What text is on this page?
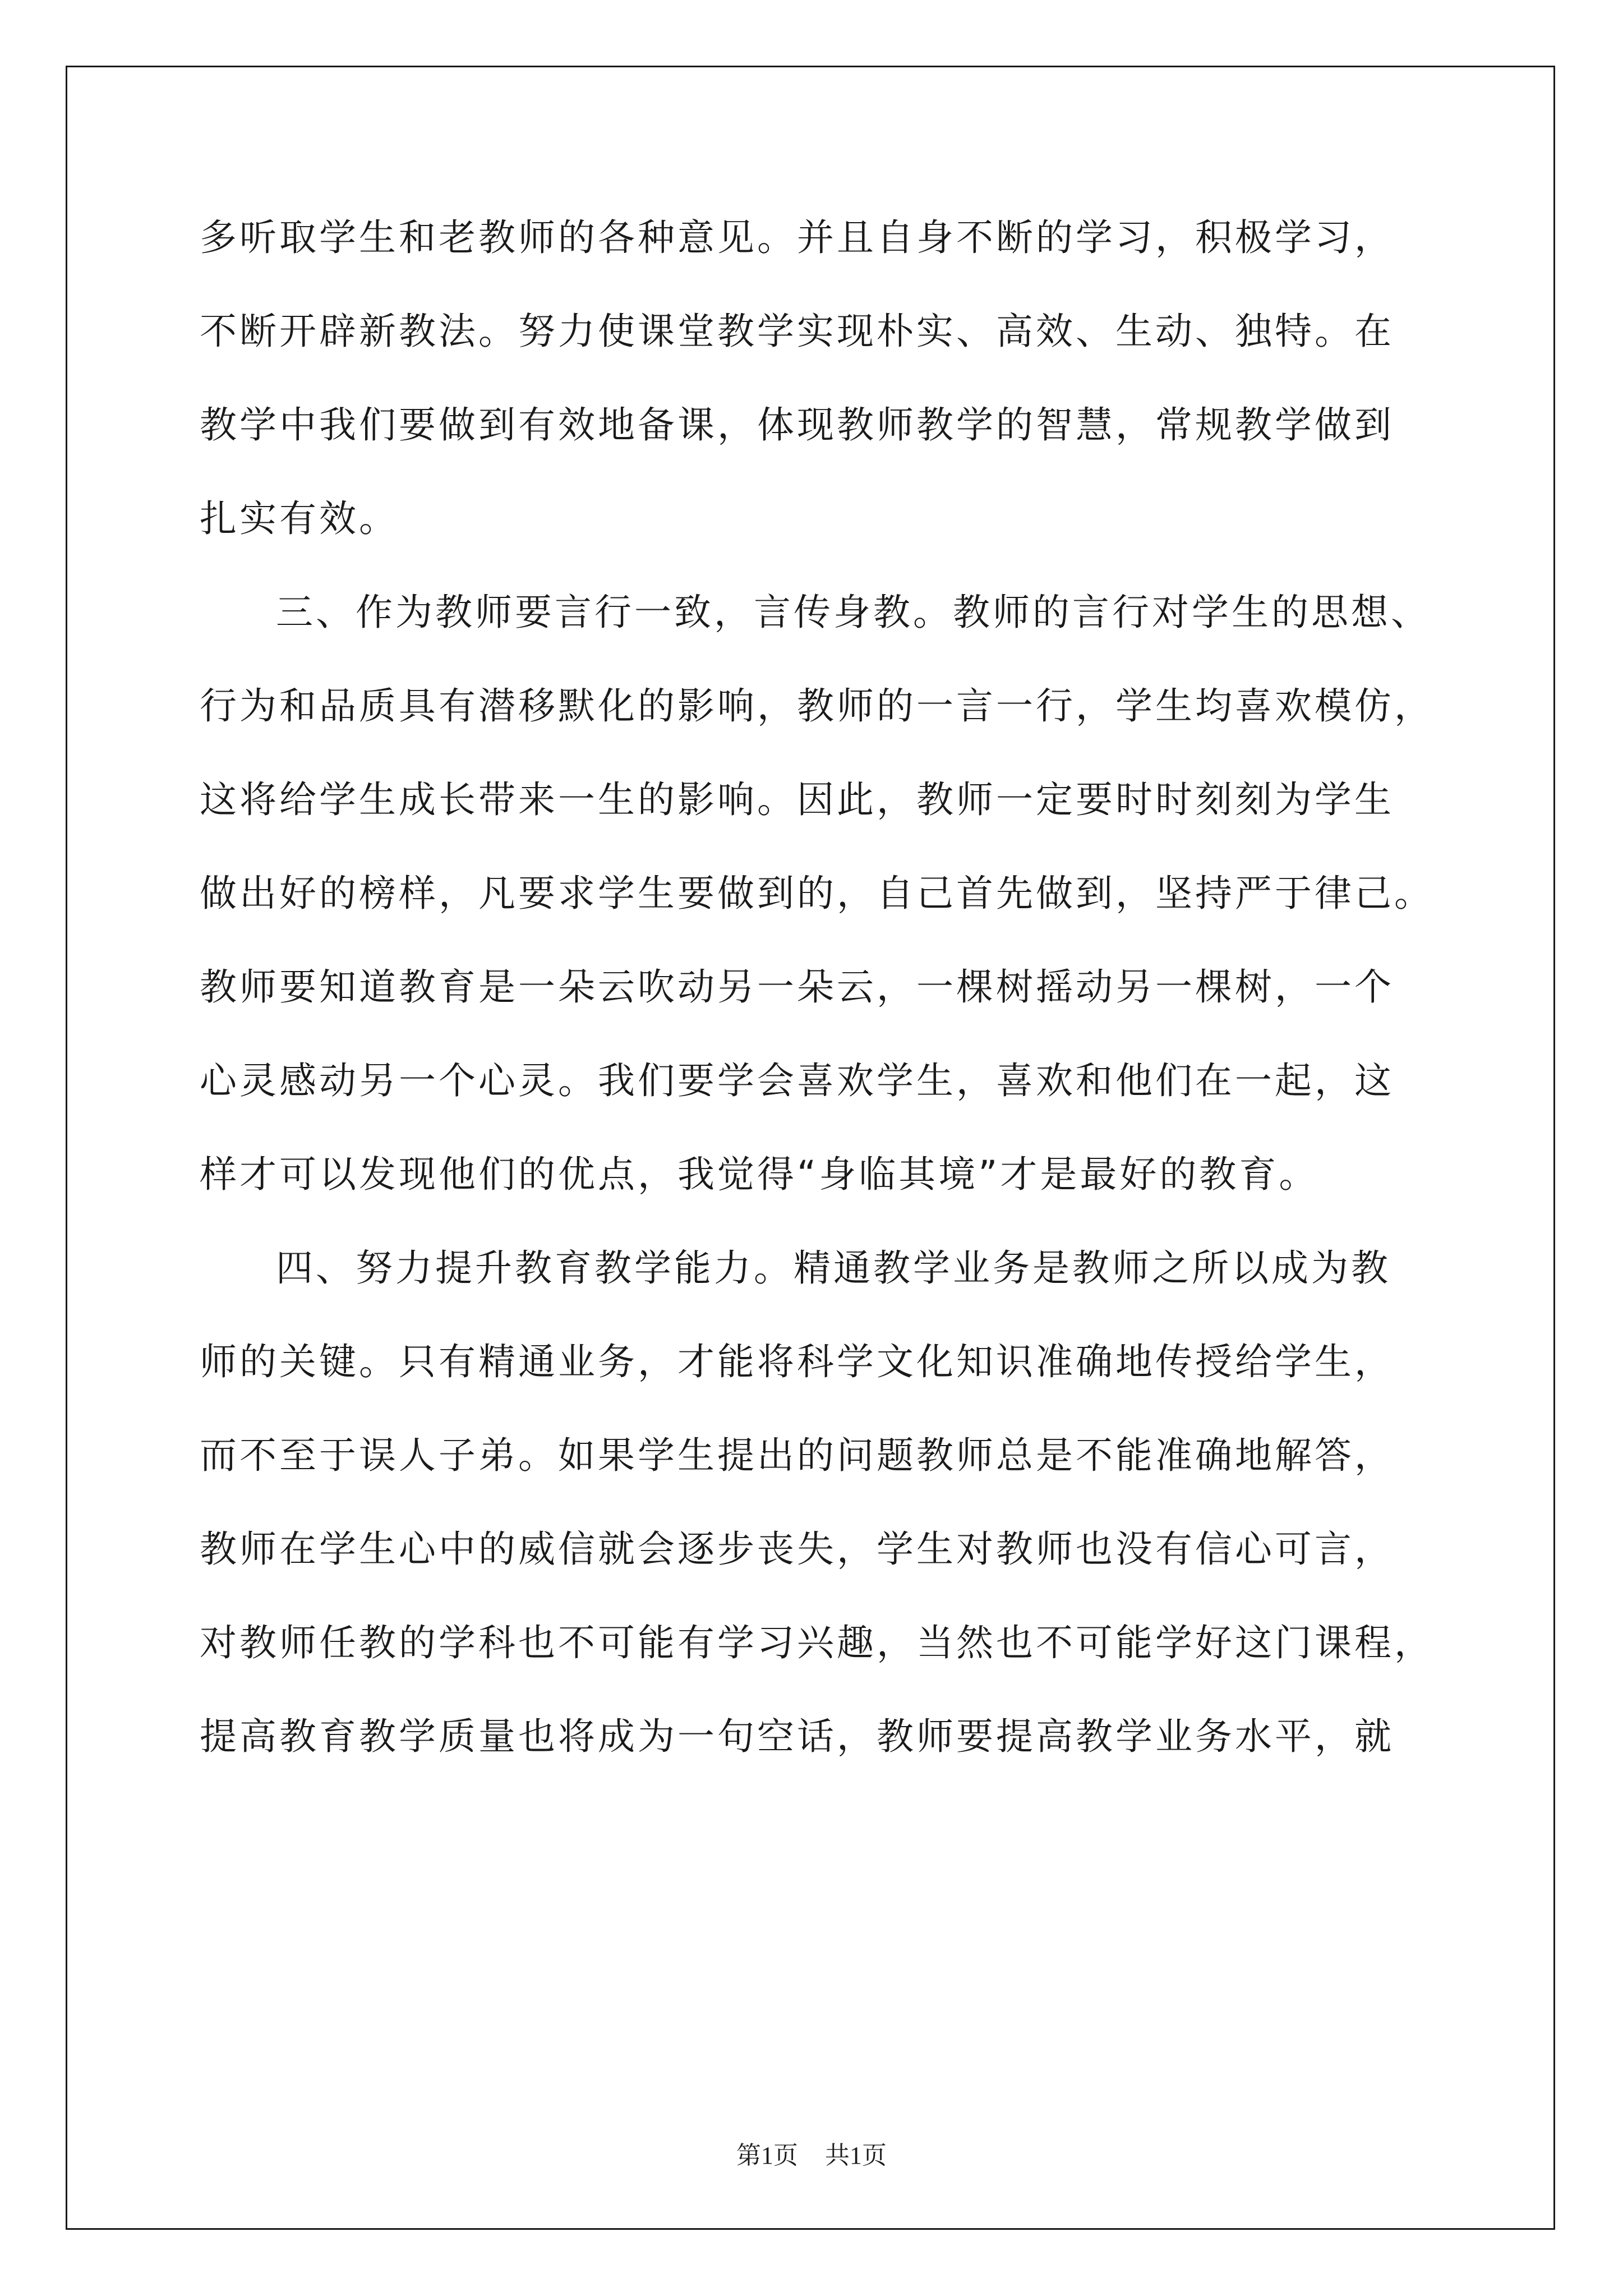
多听取学生和老教师的各种意见。并且自身不断的学习，积极学习，
不断开辟新教法。努力使课堂教学实现朴实、高效、生动、独特。在
教学中我们要做到有效地备课，体现教师教学的智慧，常规教学做到
扎实有效。
三、作为教师要言行一致，言传身教。教师的言行对学生的思想、
行为和品质具有潜移默化的影响，教师的一言一行，学生均喜欢模仿，
这将给学生成长带来一生的影响。因此，教师一定要时时刻刻为学生
做出好的榜样，凡要求学生要做到的，自己首先做到，坚持严于律己。
教师要知道教育是一朵云吹动另一朵云，一棵树摇动另一棵树，一个
心灵感动另一个心灵。我们要学会喜欢学生，喜欢和他们在一起，这
样才可以发现他们的优点，我觉得“身临其境”才是最好的教育。
四、努力提升教育教学能力。精通教学业务是教师之所以成为教
师的关键。只有精通业务，才能将科学文化知识准确地传授给学生，
而不至于误人子弟。如果学生提出的问题教师总是不能准确地解答，
教师在学生心中的威信就会逐步丧失，学生对教师也没有信心可言，
对教师任教的学科也不可能有学习兴趣，当然也不可能学好这门课程，
提高教育教学质量也将成为一句空话，教师要提高教学业务水平，就
第1页 共1页
